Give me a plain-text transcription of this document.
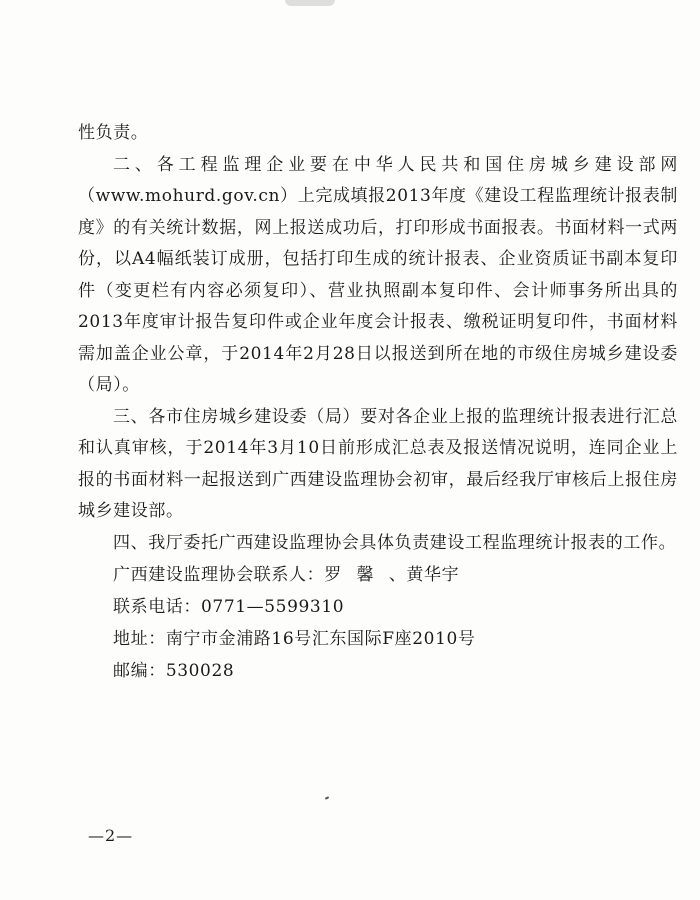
性负责。

二、各工程监理企业要在中华人民共和国住房城乡建设部网（www.mohurd.gov.cn）上完成填报2013年度《建设工程监理统计报表制度》的有关统计数据，网上报送成功后，打印形成书面报表。书面材料一式两份，以A4幅纸装订成册，包括打印生成的统计报表、企业资质证书副本复印件（变更栏有内容必须复印）、营业执照副本复印件、会计师事务所出具的2013年度审计报告复印件或企业年度会计报表、缴税证明复印件，书面材料需加盖企业公章，于2014年2月28日以报送到所在地的市级住房城乡建设委（局）。

三、各市住房城乡建设委（局）要对各企业上报的监理统计报表进行汇总和认真审核，于2014年3月10日前形成汇总表及报送情况说明，连同企业上报的书面材料一起报送到广西建设监理协会初审，最后经我厅审核后上报住房城乡建设部。

四、我厅委托广西建设监理协会具体负责建设工程监理统计报表的工作。

广西建设监理协会联系人：罗馨、黄华宇

联系电话：0771—5599310

地址：南宁市金浦路16号汇东国际F座2010号

邮编：530028

—2—
